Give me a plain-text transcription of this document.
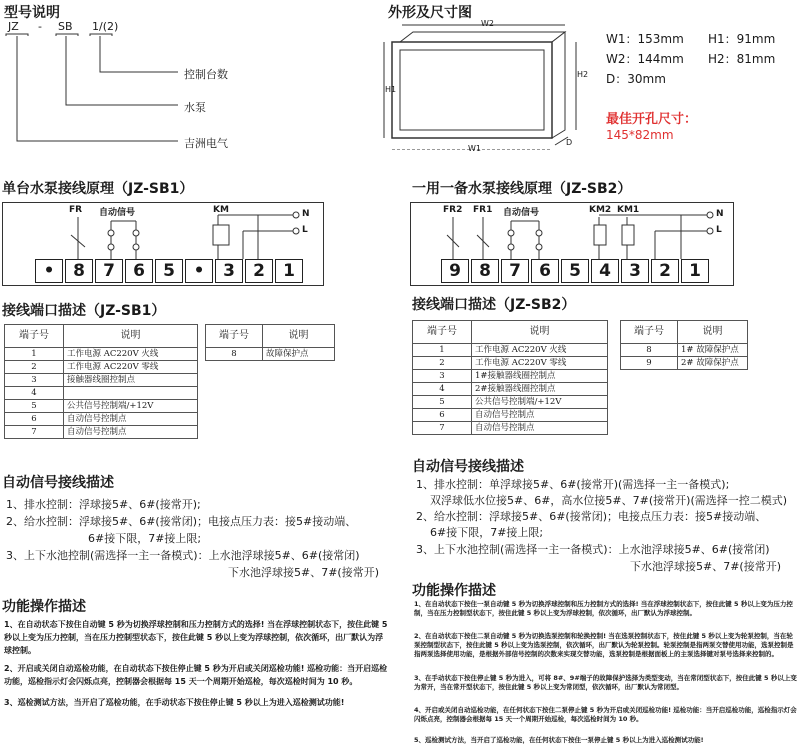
型号说明
JZ - SB 1/(2)
控制台数
水泵
吉洲电气
外形及尺寸图
W2
W1
H1
H2
D
W1：153mm H1：91mm
W2：144mm H2：81mm
D：30mm
最佳开孔尺寸：
145*82mm
单台水泵接线原理（JZ-SB1）
FR 自动信号	KM	N
L
•	8	7	6	5	•	3	2	1
一用一备水泵接线原理（JZ-SB2）
FR2 FR1 自动信号	KM2 KM1	N
L
9	8	7	6	5	4	3	2	1
接线端口描述（JZ-SB1）
端子号	说明
1	工作电源 AC220V 火线
2	工作电源 AC220V 零线
3	接触器线圈控制点
4	
5	公共信号控制端/+12V
6	自动信号控制点
7	自动信号控制点
端子号	说明
8	故障保护点
接线端口描述（JZ-SB2）
端子号	说明
1	工作电源 AC220V 火线
2	工作电源 AC220V 零线
3	1#接触器线圈控制点
4	2#接触器线圈控制点
5	公共信号控制端/+12V
6	自动信号控制点
7	自动信号控制点
端子号	说明
8	1# 故障保护点
9	2# 故障保护点
自动信号接线描述
1、排水控制：浮球接5#、6#(接常开);
2、给水控制：浮球接5#、6#(接常闭)；电接点压力表：接5#接动端、
6#接下限，7#接上限;
3、上下水池控制(需选择一主一备模式)：上水池浮球接5#、6#(接常闭)
下水池浮球接5#、7#(接常开)
自动信号接线描述
1、排水控制：单浮球接5#、6#(接常开)(需选择一主一备模式);
双浮球低水位接5#、6#，高水位接5#、7#(接常开)(需选择一控二模式)
2、给水控制：浮球接5#、6#(接常闭)；电接点压力表：接5#接动端、
6#接下限，7#接上限;
3、上下水池控制(需选择一主一备模式)：上水池浮球接5#、6#(接常闭)
下水池浮球接5#、7#(接常开)
功能操作描述
1、在自动状态下按住自动键 5 秒为切换浮球控制和压力控制方式的选择! 当在浮球控制状态下，按住此键 5 秒以上变为压力控制，当在压力控制型状态下，按住此键 5 秒以上变为浮球控制，依次循环，出厂默认为浮球控制。
2、开启或关闭自动巡检功能，在自动状态下按住停止键 5 秒为开启或关闭巡检功能! 巡检功能：当开启巡检功能，巡检指示灯会闪烁点亮，控制器会根据每 15 天一个周期开始巡检，每次巡检时间为 10 秒。
3、巡检测试方法，当开启了巡检功能，在手动状态下按住停止键 5 秒以上为进入巡检测试功能!
功能操作描述
1、在自动状态下按住一泵自动键 5 秒为切换浮球控制和压力控制方式的选择! 当在浮球控制状态下，按住此键 5 秒以上变为压力控制，当在压力控制型状态下，按住此键 5 秒以上变为浮球控制，依次循环，出厂默认为浮球控制。
2、在自动状态下按住二泵自动键 5 秒为切换选泵控制和轮换控制! 当在选泵控制状态下，按住此键 5 秒以上变为轮泵控制，当在轮泵控制型状态下，按住此键 5 秒以上变为选泵控制，依次循环，出厂默认为轮泵控制。轮泵控制是指两泵交替使用功能，选泵控制是指两泵选择使用功能，是根据外部信号控制的次数来实现交替功能，选泵控制是根据面板上的主泵选择键对泵号选择来控制的。
3、在手动状态下按住停止键 5 秒为进入，可将 8#、9#端子的故障保护选择为类型变动，当在常闭型状态下，按住此键 5 秒以上变为常开，当在常开型状态下，按住此键 5 秒以上变为常闭型，依次循环，出厂默认为常闭型。
4、开启或关闭自动巡检功能，在任何状态下按住二泵停止键 5 秒为开启或关闭巡检功能! 巡检功能：当开启巡检功能，巡检指示灯会闪烁点亮，控制器会根据每 15 天一个周期开始巡检，每次巡检时间为 10 秒。
5、巡检测试方法，当开启了巡检功能，在任何状态下按住一泵停止键 5 秒以上为进入巡检测试功能!
